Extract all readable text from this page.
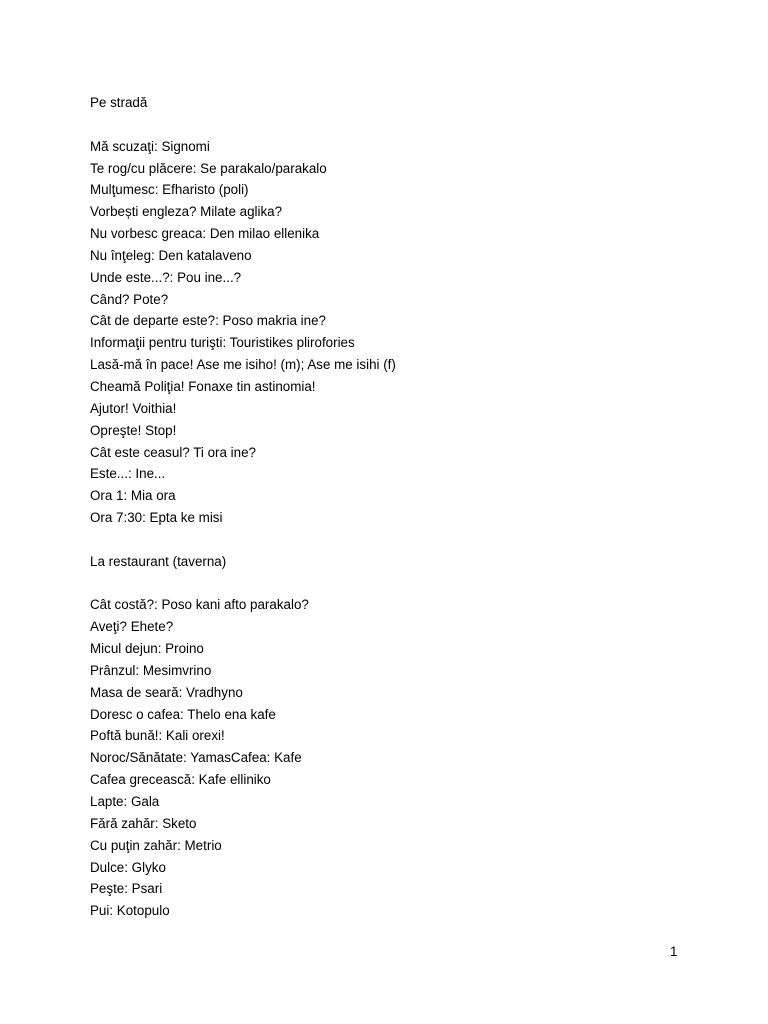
Pe stradă
Mă scuzaţi: Signomi
Te rog/cu plăcere: Se parakalo/parakalo
Mulţumesc: Efharisto (poli)
Vorbești engleza? Milate aglika?
Nu vorbesc greaca: Den milao ellenika
Nu înţeleg: Den katalaveno
Unde este...?: Pou ine...?
Când? Pote?
Cât de departe este?: Poso makria ine?
Informaţii pentru turişti: Touristikes plirofories
Lasă-mă în pace! Ase me isiho! (m); Ase me isihi (f)
Cheamă Poliţia! Fonaxe tin astinomia!
Ajutor! Voithia!
Opreşte! Stop!
Cât este ceasul? Ti ora ine?
Este...: Ine...
Ora 1: Mia ora
Ora 7:30: Epta ke misi
La restaurant (taverna)
Cât costă?: Poso kani afto parakalo?
Aveţi? Ehete?
Micul dejun: Proino
Prânzul: Mesimvrino
Masa de seară: Vradhyno
Doresc o cafea: Thelo ena kafe
Poftă bună!: Kali orexi!
Noroc/Sănătate: YamasCafea: Kafe
Cafea grecească: Kafe elliniko
Lapte: Gala
Fără zahăr: Sketo
Cu puţin zahăr: Metrio
Dulce: Glyko
Peşte: Psari
Pui: Kotopulo
1
